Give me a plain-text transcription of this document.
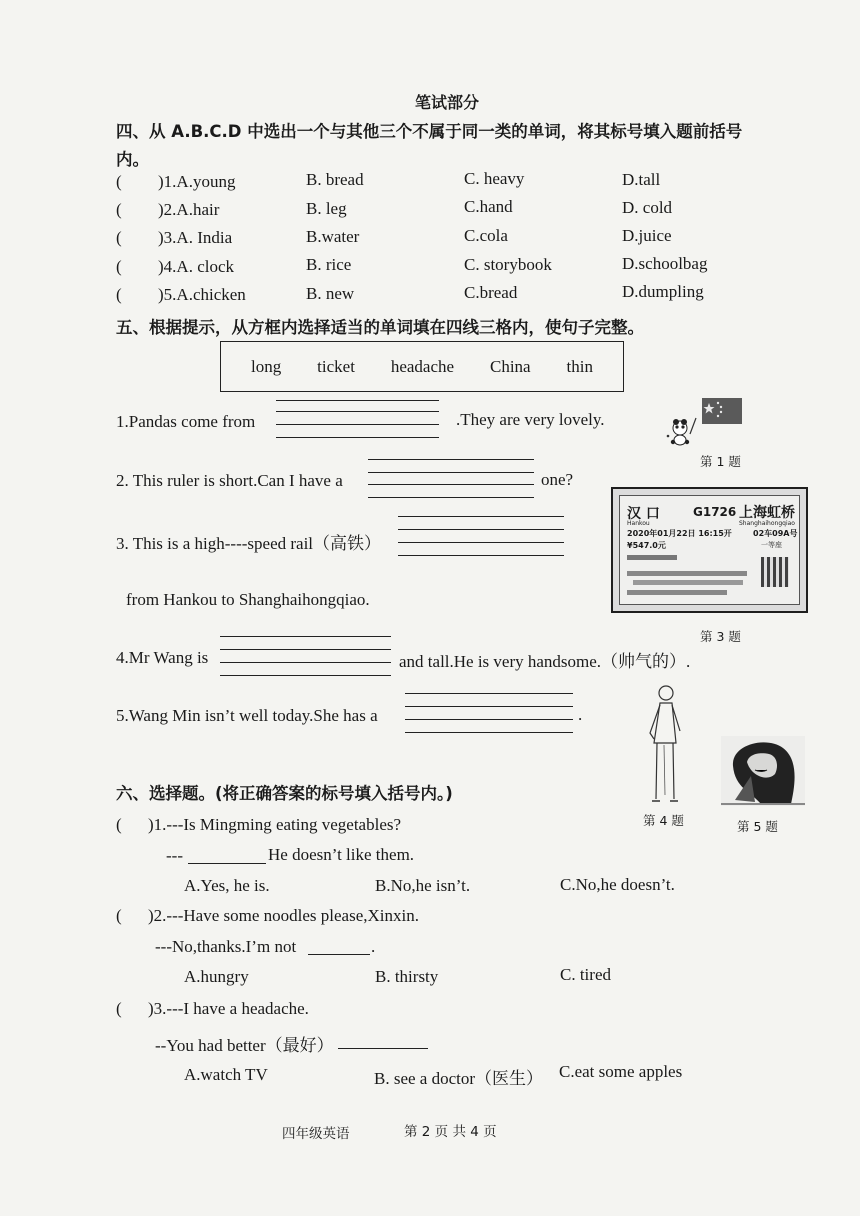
笔试部分
四、从 A.B.C.D 中选出一个与其他三个不属于同一类的单词，将其标号填入题前括号
内。
( )1.A.young	B. bread	C. heavy	D.tall
( )2.A.hair	B. leg	C.hand	D. cold
( )3.A. India	B.water	C.cola	D.juice
( )4.A. clock	B. rice	C. storybook	D.schoolbag
( )5.A.chicken	B. new	C.bread	D.dumpling
五、根据提示，从方框内选择适当的单词填在四线三格内，使句子完整。
long ticket headache China thin
1.Pandas come from	.They are very lovely.
第 1 题
2. This ruler is short.Can I have a	one?
3. This is a high----speed rail（高铁）
from Hankou to Shanghaihongqiao.
汉 口	G1726 上海虹桥
Hankou	Shanghaihongqiao
2020年01月22日 16:15开	02车09A号
¥547.0元	一等座
第 3 题
4.Mr Wang is	and tall.He is very handsome.（帅气的）.
5.Wang Min isn’t well today.She has a	.
第 4 题	第 5 题
六、选择题。(将正确答案的标号填入括号内。)
( )1.---Is Mingming eating vegetables?
---	He doesn’t like them.
A.Yes, he is.	B.No,he isn’t.	C.No,he doesn’t.
( )2.---Have some noodles please,Xinxin.
---No,thanks.I’m not	.
A.hungry	B. thirsty	C. tired
( )3.---I have a headache.
--You had better（最好）
A.watch TV	B. see a doctor（医生） C.eat some apples
四年级英语	第 2 页 共 4 页
